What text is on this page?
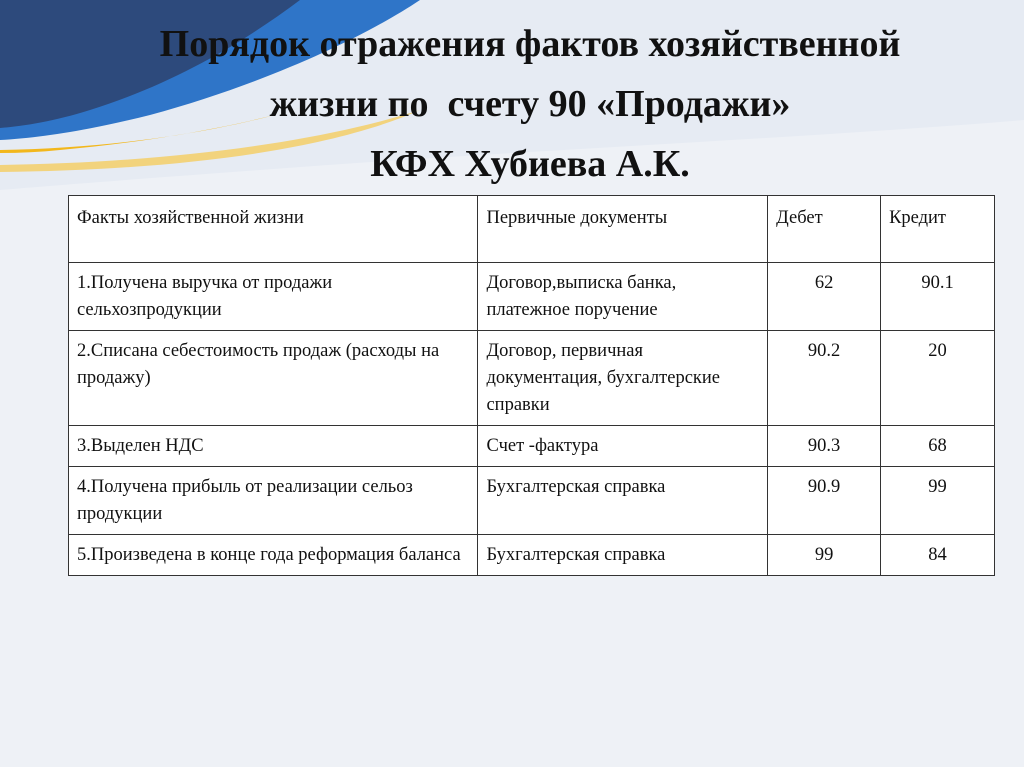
Порядок отражения фактов хозяйственной
жизни по  счету 90 «Продажи»
КФХ Хубиева А.К.
Факты хозяйственной жизни	Первичные документы	Дебет	Кредит
1.Получена выручка от продажи сельхозпродукции	Договор,выписка банка, платежное поручение	62	90.1
2.Списана себестоимость продаж (расходы на продажу)	Договор, первичная документация, бухгалтерские справки	90.2	20
3.Выделен НДС	Счет -фактура	90.3	68
4.Получена прибыль от реализации сельоз продукции	Бухгалтерская справка	90.9	99
5.Произведена в конце года реформация баланса	Бухгалтерская справка	99	84
